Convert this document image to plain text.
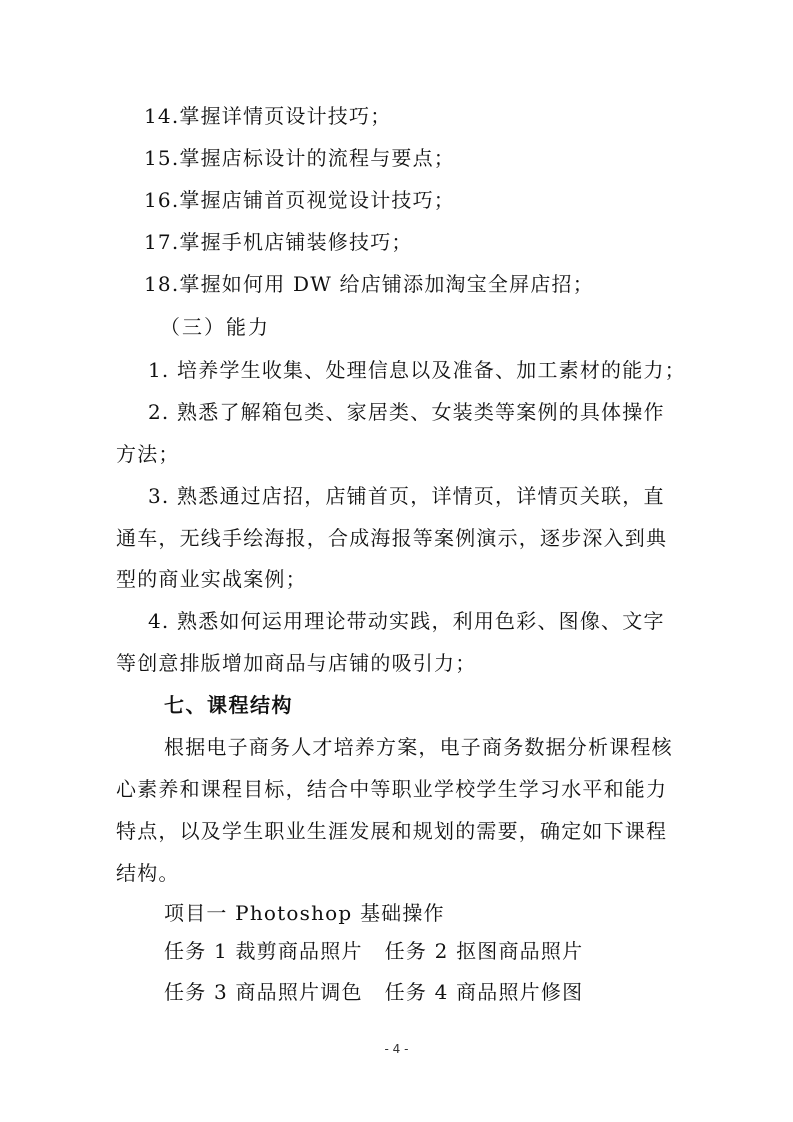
14.掌握详情页设计技巧；
15.掌握店标设计的流程与要点；
16.掌握店铺首页视觉设计技巧；
17.掌握手机店铺装修技巧；
18.掌握如何用 DW 给店铺添加淘宝全屏店招；
（三）能力
1. 培养学生收集、处理信息以及准备、加工素材的能力；
2. 熟悉了解箱包类、家居类、女装类等案例的具体操作
方法；
3. 熟悉通过店招，店铺首页，详情页，详情页关联，直
通车，无线手绘海报，合成海报等案例演示，逐步深入到典
型的商业实战案例；
4. 熟悉如何运用理论带动实践，利用色彩、图像、文字
等创意排版增加商品与店铺的吸引力；
七、课程结构
根据电子商务人才培养方案，电子商务数据分析课程核
心素养和课程目标，结合中等职业学校学生学习水平和能力
特点，以及学生职业生涯发展和规划的需要，确定如下课程
结构。
项目一 Photoshop 基础操作
任务 1 裁剪商品照片 任务 2 抠图商品照片
任务 3 商品照片调色 任务 4 商品照片修图
- 4 -
